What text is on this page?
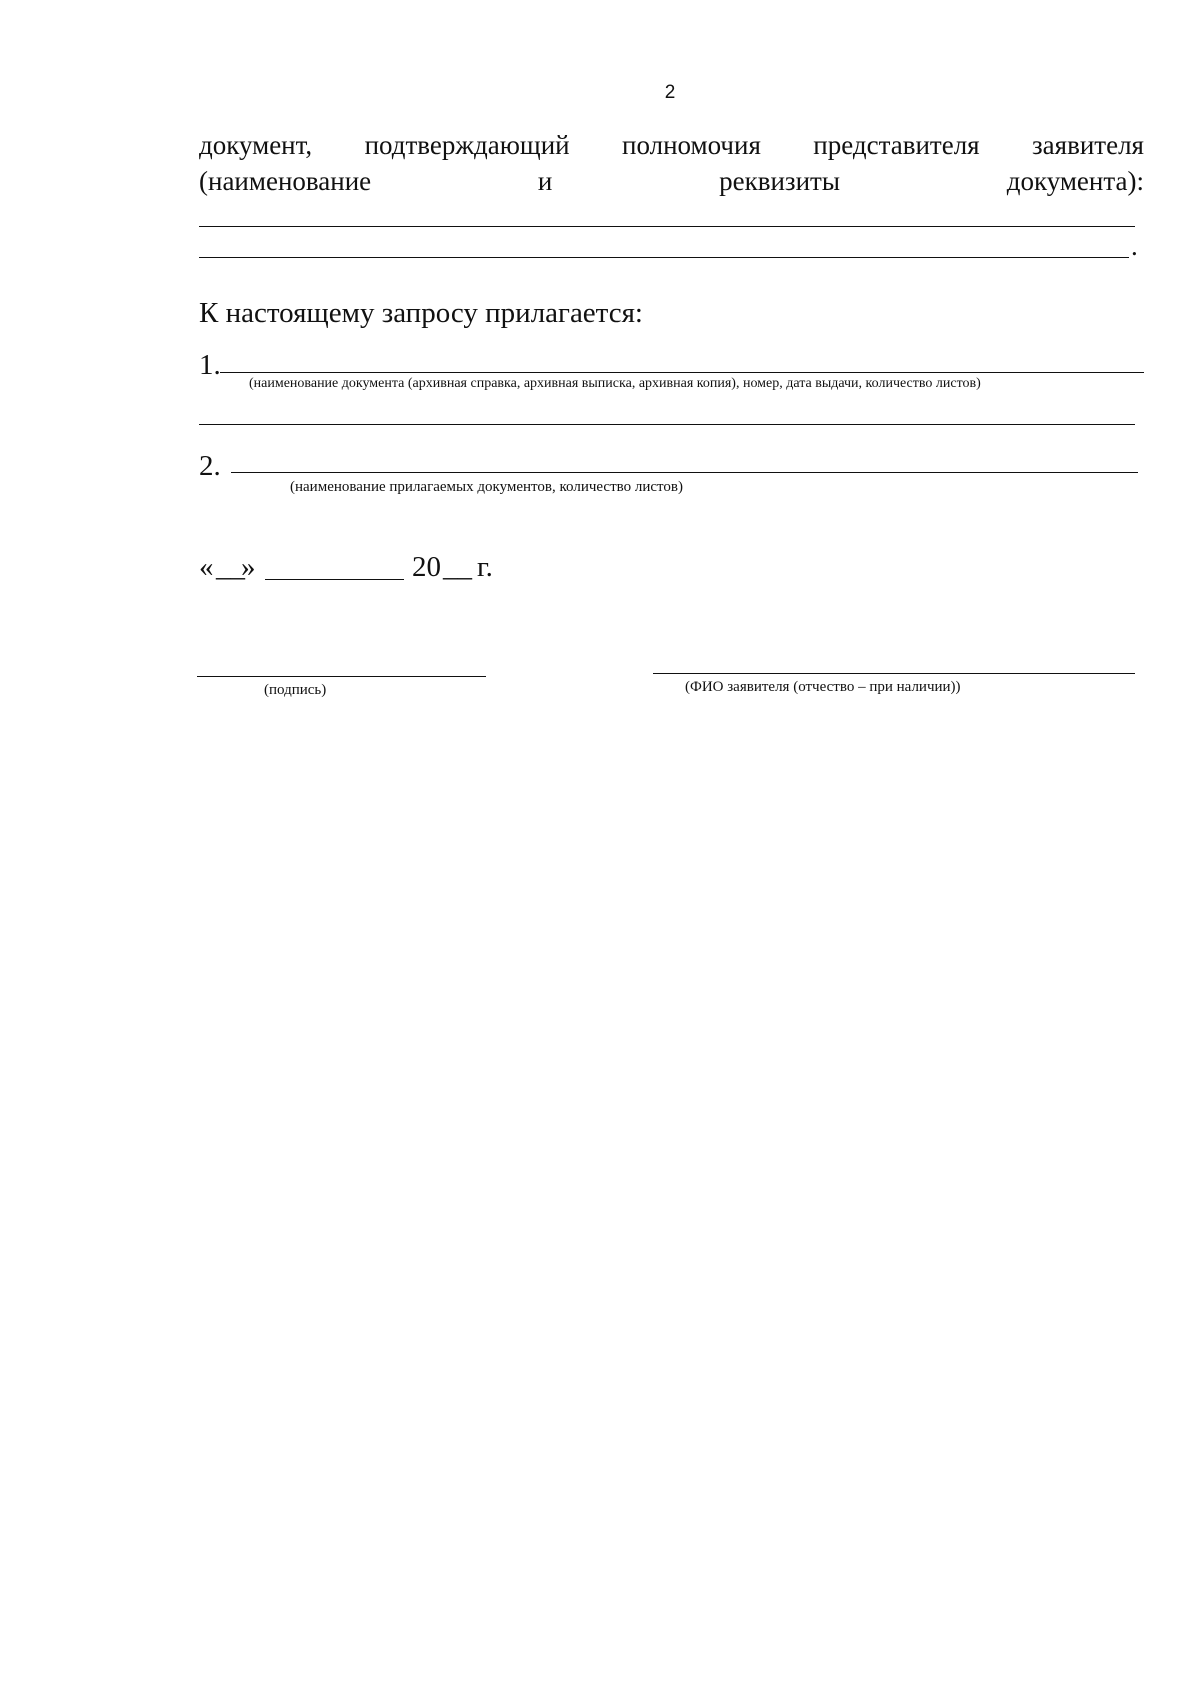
2
документ, подтверждающий полномочия представителя заявителя
(наименование	и	реквизиты	документа):
.
К настоящему запросу прилагается:
1.
(наименование документа (архивная справка, архивная выписка, архивная копия), номер, дата выдачи, количество листов)
2.
(наименование прилагаемых документов, количество листов)
« __
»	20 __ г.
(подпись)	(ФИО заявителя (отчество – при наличии))
